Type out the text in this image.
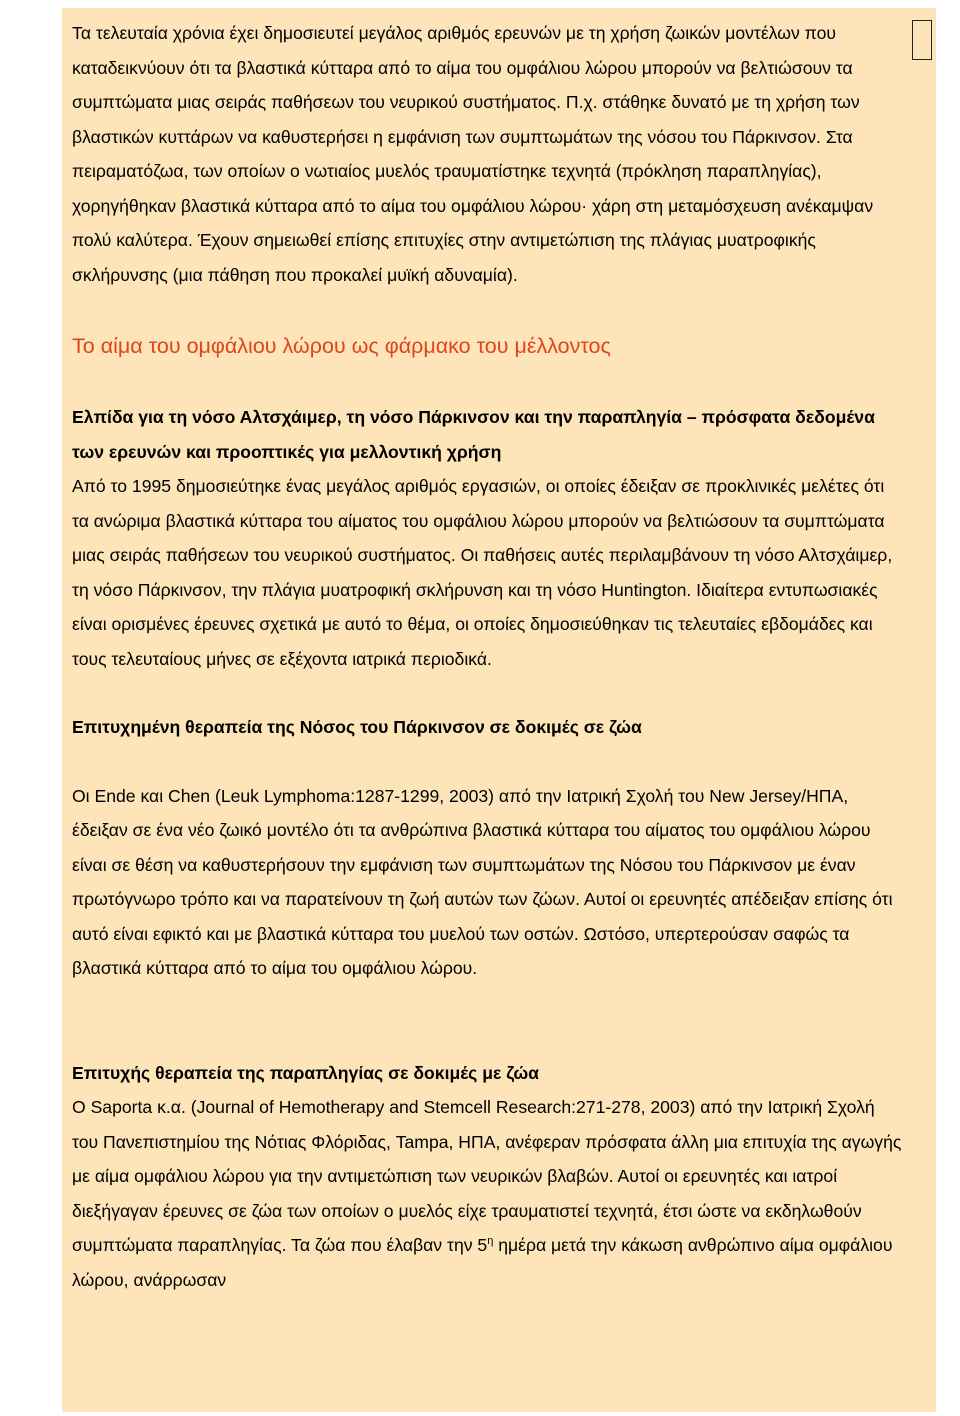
Τα τελευταία χρόνια έχει δημοσιευτεί μεγάλος αριθμός ερευνών με τη χρήση ζωικών μοντέλων που καταδεικνύουν ότι τα βλαστικά κύτταρα από το αίμα του ομφάλιου λώρου μπορούν να βελτιώσουν τα συμπτώματα μιας σειράς παθήσεων του νευρικού συστήματος. Π.χ. στάθηκε δυνατό με τη χρήση των βλαστικών κυττάρων να καθυστερήσει η εμφάνιση των συμπτωμάτων της νόσου του Πάρκινσον. Στα πειραματόζωα, των οποίων ο νωτιαίος μυελός τραυματίστηκε τεχνητά (πρόκληση παραπληγίας), χορηγήθηκαν βλαστικά κύτταρα από το αίμα του ομφάλιου λώρου· χάρη στη μεταμόσχευση ανέκαμψαν πολύ καλύτερα. Έχουν σημειωθεί επίσης επιτυχίες στην αντιμετώπιση της πλάγιας μυατροφικής σκλήρυνσης (μια πάθηση που προκαλεί μυϊκή αδυναμία).

Το αίμα του ομφάλιου λώρου ως φάρμακο του μέλλοντος

Ελπίδα για τη νόσο Αλτσχάιμερ, τη νόσο Πάρκινσον και την παραπληγία – πρόσφατα δεδομένα των ερευνών και προοπτικές για μελλοντική χρήση

Από το 1995 δημοσιεύτηκε ένας μεγάλος αριθμός εργασιών, οι οποίες έδειξαν σε προκλινικές μελέτες ότι τα ανώριμα βλαστικά κύτταρα του αίματος του ομφάλιου λώρου μπορούν να βελτιώσουν τα συμπτώματα μιας σειράς παθήσεων του νευρικού συστήματος. Οι παθήσεις αυτές περιλαμβάνουν τη νόσο Αλτσχάιμερ, τη νόσο Πάρκινσον, την πλάγια μυατροφική σκλήρυνση και τη νόσο Huntington. Ιδιαίτερα εντυπωσιακές είναι ορισμένες έρευνες σχετικά με αυτό το θέμα, οι οποίες δημοσιεύθηκαν τις τελευταίες εβδομάδες και τους τελευταίους μήνες σε εξέχοντα ιατρικά περιοδικά.

Επιτυχημένη θεραπεία της Νόσος του Πάρκινσον σε δοκιμές σε ζώα

Οι Ende και Chen (Leuk Lymphoma:1287-1299, 2003) από την Ιατρική Σχολή του New Jersey/ΗΠΑ, έδειξαν σε ένα νέο ζωικό μοντέλο ότι τα ανθρώπινα βλαστικά κύτταρα του αίματος του ομφάλιου λώρου είναι σε θέση να καθυστερήσουν την εμφάνιση των συμπτωμάτων της Νόσου του Πάρκινσον με έναν πρωτόγνωρο τρόπο και να παρατείνουν τη ζωή αυτών των ζώων. Αυτοί οι ερευνητές απέδειξαν επίσης ότι αυτό είναι εφικτό και με βλαστικά κύτταρα του μυελού των οστών. Ωστόσο, υπερτερούσαν σαφώς τα βλαστικά κύτταρα από το αίμα του ομφάλιου λώρου.

Επιτυχής θεραπεία της παραπληγίας σε δοκιμές με ζώα

Ο Saporta κ.α. (Journal of Hemotherapy and Stemcell Research:271-278, 2003) από την Ιατρική Σχολή του Πανεπιστημίου της Νότιας Φλόριδας, Tampa, ΗΠΑ, ανέφεραν πρόσφατα άλλη μια επιτυχία της αγωγής με αίμα ομφάλιου λώρου για την αντιμετώπιση των νευρικών βλαβών. Αυτοί οι ερευνητές και ιατροί διεξήγαγαν έρευνες σε ζώα των οποίων ο μυελός είχε τραυματιστεί τεχνητά, έτσι ώστε να εκδηλωθούν συμπτώματα παραπληγίας. Τα ζώα που έλαβαν την $5^\eta$ ημέρα μετά την κάκωση ανθρώπινο αίμα ομφάλιου λώρου, ανάρρωσαν
